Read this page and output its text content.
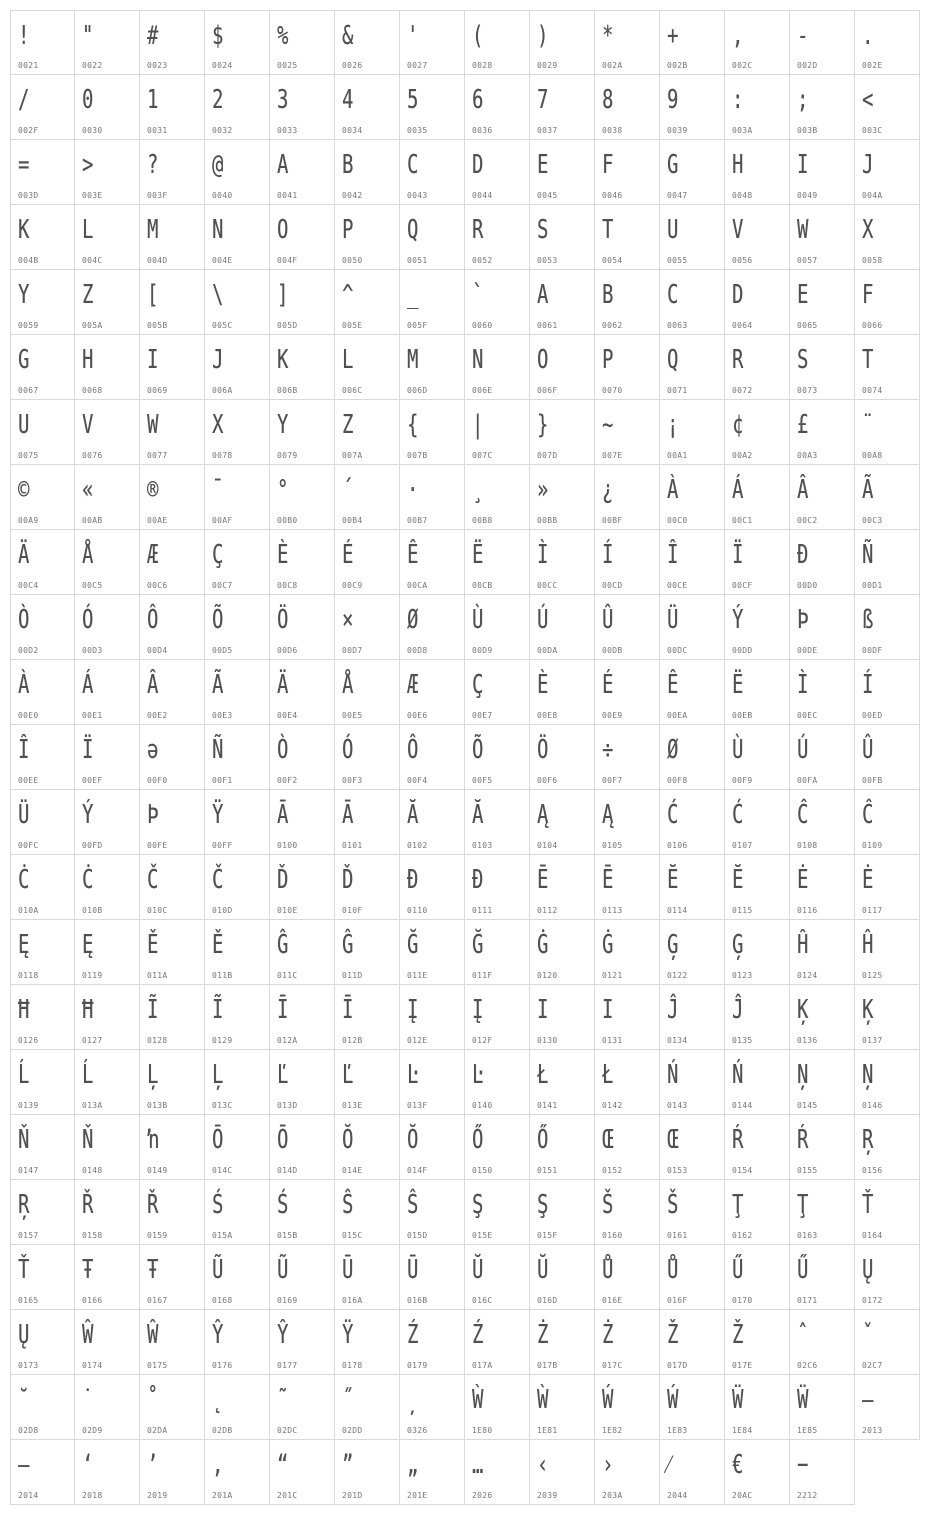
!
0021
"
0022
#
0023
$
0024
%
0025
&
0026
'
0027
(
0028
)
0029
*
002A
+
002B
,
002C
-
002D
.
002E
/
002F
0
0030
1
0031
2
0032
3
0033
4
0034
5
0035
6
0036
7
0037
8
0038
9
0039
:
003A
;
003B
<
003C
=
003D
>
003E
?
003F
@
0040
A
0041
B
0042
C
0043
D
0044
E
0045
F
0046
G
0047
H
0048
I
0049
J
004A
K
004B
L
004C
M
004D
N
004E
O
004F
P
0050
Q
0051
R
0052
S
0053
T
0054
U
0055
V
0056
W
0057
X
0058
Y
0059
Z
005A
[
005B
\
005C
]
005D
^
005E
_
005F
`
0060
A
0061
B
0062
C
0063
D
0064
E
0065
F
0066
G
0067
H
0068
I
0069
J
006A
K
006B
L
006C
M
006D
N
006E
O
006F
P
0070
Q
0071
R
0072
S
0073
T
0074
U
0075
V
0076
W
0077
X
0078
Y
0079
Z
007A
{
007B
|
007C
}
007D
~
007E
¡
00A1
¢
00A2
£
00A3
¨
00A8
©
00A9
«
00AB
®
00AE
¯
00AF
°
00B0
´
00B4
·
00B7
¸
00B8
»
00BB
¿
00BF
À
00C0
Á
00C1
Â
00C2
Ã
00C3
Ä
00C4
Å
00C5
Æ
00C6
Ç
00C7
È
00C8
É
00C9
Ê
00CA
Ë
00CB
Ì
00CC
Í
00CD
Î
00CE
Ï
00CF
Ð
00D0
Ñ
00D1
Ò
00D2
Ó
00D3
Ô
00D4
Õ
00D5
Ö
00D6
×
00D7
Ø
00D8
Ù
00D9
Ú
00DA
Û
00DB
Ü
00DC
Ý
00DD
Þ
00DE
ß
00DF
À
00E0
Á
00E1
Â
00E2
Ã
00E3
Ä
00E4
Å
00E5
Æ
00E6
Ç
00E7
È
00E8
É
00E9
Ê
00EA
Ë
00EB
Ì
00EC
Í
00ED
Î
00EE
Ï
00EF
ə
00F0
Ñ
00F1
Ò
00F2
Ó
00F3
Ô
00F4
Õ
00F5
Ö
00F6
÷
00F7
Ø
00F8
Ù
00F9
Ú
00FA
Û
00FB
Ü
00FC
Ý
00FD
Þ
00FE
Ÿ
00FF
Ā
0100
Ā
0101
Ă
0102
Ă
0103
Ą
0104
Ą
0105
Ć
0106
Ć
0107
Ĉ
0108
Ĉ
0109
Ċ
010A
Ċ
010B
Č
010C
Č
010D
Ď
010E
Ď
010F
Đ
0110
Đ
0111
Ē
0112
Ē
0113
Ĕ
0114
Ĕ
0115
Ė
0116
Ė
0117
Ę
0118
Ę
0119
Ě
011A
Ě
011B
Ĝ
011C
Ĝ
011D
Ğ
011E
Ğ
011F
Ġ
0120
Ġ
0121
Ģ
0122
Ģ
0123
Ĥ
0124
Ĥ
0125
Ħ
0126
Ħ
0127
Ĩ
0128
Ĩ
0129
Ī
012A
Ī
012B
Į
012E
Į
012F
I
0130
I
0131
Ĵ
0134
Ĵ
0135
Ķ
0136
Ķ
0137
Ĺ
0139
Ĺ
013A
Ļ
013B
Ļ
013C
Ľ
013D
Ľ
013E
Ŀ
013F
Ŀ
0140
Ł
0141
Ł
0142
Ń
0143
Ń
0144
Ņ
0145
Ņ
0146
Ň
0147
Ň
0148
ŉ
0149
Ō
014C
Ō
014D
Ŏ
014E
Ŏ
014F
Ő
0150
Ő
0151
Œ
0152
Œ
0153
Ŕ
0154
Ŕ
0155
Ŗ
0156
Ŗ
0157
Ř
0158
Ř
0159
Ś
015A
Ś
015B
Ŝ
015C
Ŝ
015D
Ş
015E
Ş
015F
Š
0160
Š
0161
Ţ
0162
Ţ
0163
Ť
0164
Ť
0165
Ŧ
0166
Ŧ
0167
Ũ
0168
Ũ
0169
Ū
016A
Ū
016B
Ŭ
016C
Ŭ
016D
Ů
016E
Ů
016F
Ű
0170
Ű
0171
Ų
0172
Ų
0173
Ŵ
0174
Ŵ
0175
Ŷ
0176
Ŷ
0177
Ÿ
0178
Ź
0179
Ź
017A
Ż
017B
Ż
017C
Ž
017D
Ž
017E
ˆ
02C6
ˇ
02C7
˘
02D8
˙
02D9
˚
02DA
˛
02DB
˜
02DC
˝
02DD	0326
Ẁ
1E80
Ẁ
1E81
Ẃ
1E82
Ẃ
1E83
Ẅ
1E84
Ẅ
1E85
–
2013
—
2014
‘
2018
’
2019
‚
201A
“
201C
”
201D
„
201E
…
2026
‹
2039
›
203A
⁄
2044
€
20AC
−
2212
